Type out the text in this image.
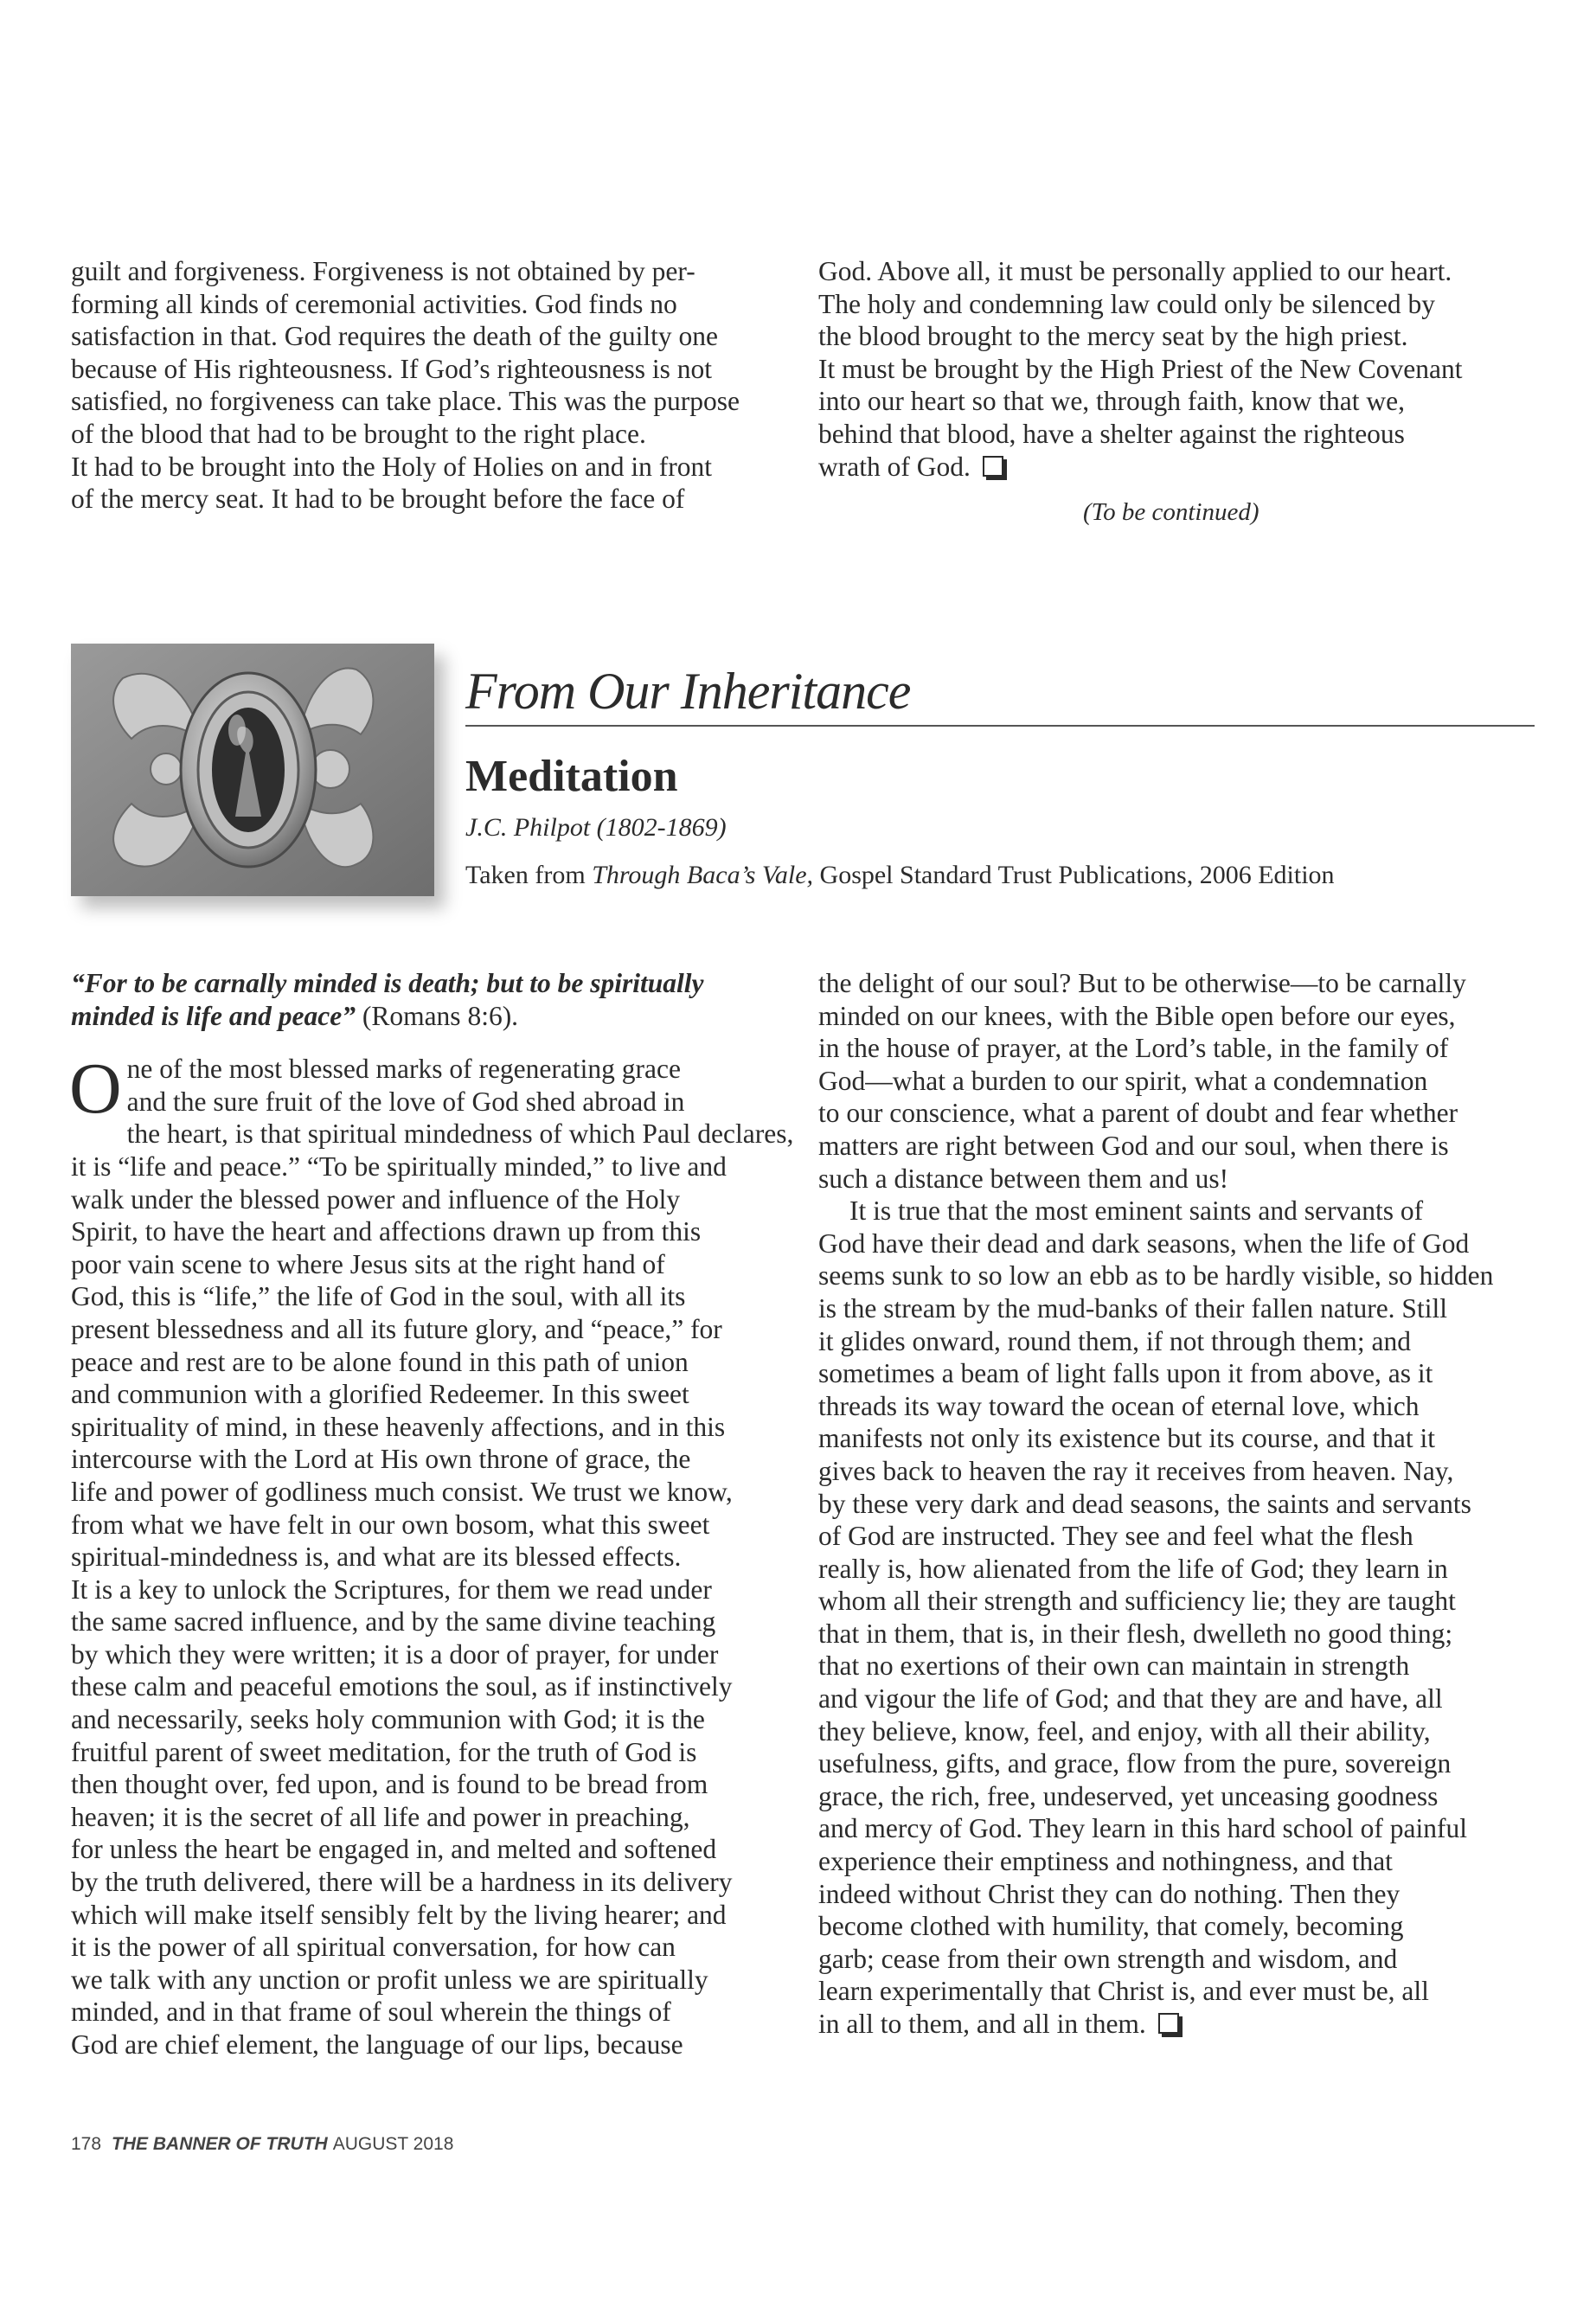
guilt and forgiveness. Forgiveness is not obtained by per-
forming all kinds of ceremonial activities. God finds no
satisfaction in that. God requires the death of the guilty one
because of His righteousness. If God’s righteousness is not
satisfied, no forgiveness can take place. This was the purpose
of the blood that had to be brought to the right place.
It had to be brought into the Holy of Holies on and in front
of the mercy seat. It had to be brought before the face of
God. Above all, it must be personally applied to our heart.
The holy and condemning law could only be silenced by
the blood brought to the mercy seat by the high priest.
It must be brought by the High Priest of the New Covenant
into our heart so that we, through faith, know that we,
behind that blood, have a shelter against the righteous
wrath of God.
(To be continued)
From Our Inheritance
Meditation
J.C. Philpot (1802-1869)
Taken from Through Baca’s Vale, Gospel Standard Trust Publications, 2006 Edition
“For to be carnally minded is death; but to be spiritually
minded is life and peace” (Romans 8:6).
O ne of the most blessed marks of regenerating grace
and the sure fruit of the love of God shed abroad in
the heart, is that spiritual mindedness of which Paul declares,
it is “life and peace.” “To be spiritually minded,” to live and
walk under the blessed power and influence of the Holy
Spirit, to have the heart and affections drawn up from this
poor vain scene to where Jesus sits at the right hand of
God, this is “life,” the life of God in the soul, with all its
present blessedness and all its future glory, and “peace,” for
peace and rest are to be alone found in this path of union
and communion with a glorified Redeemer. In this sweet
spirituality of mind, in these heavenly affections, and in this
intercourse with the Lord at His own throne of grace, the
life and power of godliness much consist. We trust we know,
from what we have felt in our own bosom, what this sweet
spiritual-mindedness is, and what are its blessed effects.
It is a key to unlock the Scriptures, for them we read under
the same sacred influence, and by the same divine teaching
by which they were written; it is a door of prayer, for under
these calm and peaceful emotions the soul, as if instinctively
and necessarily, seeks holy communion with God; it is the
fruitful parent of sweet meditation, for the truth of God is
then thought over, fed upon, and is found to be bread from
heaven; it is the secret of all life and power in preaching,
for unless the heart be engaged in, and melted and softened
by the truth delivered, there will be a hardness in its delivery
which will make itself sensibly felt by the living hearer; and
it is the power of all spiritual conversation, for how can
we talk with any unction or profit unless we are spiritually
minded, and in that frame of soul wherein the things of
God are chief element, the language of our lips, because
the delight of our soul? But to be otherwise—to be carnally
minded on our knees, with the Bible open before our eyes,
in the house of prayer, at the Lord’s table, in the family of
God—what a burden to our spirit, what a condemnation
to our conscience, what a parent of doubt and fear whether
matters are right between God and our soul, when there is
such a distance between them and us!
It is true that the most eminent saints and servants of
God have their dead and dark seasons, when the life of God
seems sunk to so low an ebb as to be hardly visible, so hidden
is the stream by the mud-banks of their fallen nature. Still
it glides onward, round them, if not through them; and
sometimes a beam of light falls upon it from above, as it
threads its way toward the ocean of eternal love, which
manifests not only its existence but its course, and that it
gives back to heaven the ray it receives from heaven. Nay,
by these very dark and dead seasons, the saints and servants
of God are instructed. They see and feel what the flesh
really is, how alienated from the life of God; they learn in
whom all their strength and sufficiency lie; they are taught
that in them, that is, in their flesh, dwelleth no good thing;
that no exertions of their own can maintain in strength
and vigour the life of God; and that they are and have, all
they believe, know, feel, and enjoy, with all their ability,
usefulness, gifts, and grace, flow from the pure, sovereign
grace, the rich, free, undeserved, yet unceasing goodness
and mercy of God. They learn in this hard school of painful
experience their emptiness and nothingness, and that
indeed without Christ they can do nothing. Then they
become clothed with humility, that comely, becoming
garb; cease from their own strength and wisdom, and
learn experimentally that Christ is, and ever must be, all
in all to them, and all in them.
178 THE BANNER OF TRUTH AUGUST 2018
